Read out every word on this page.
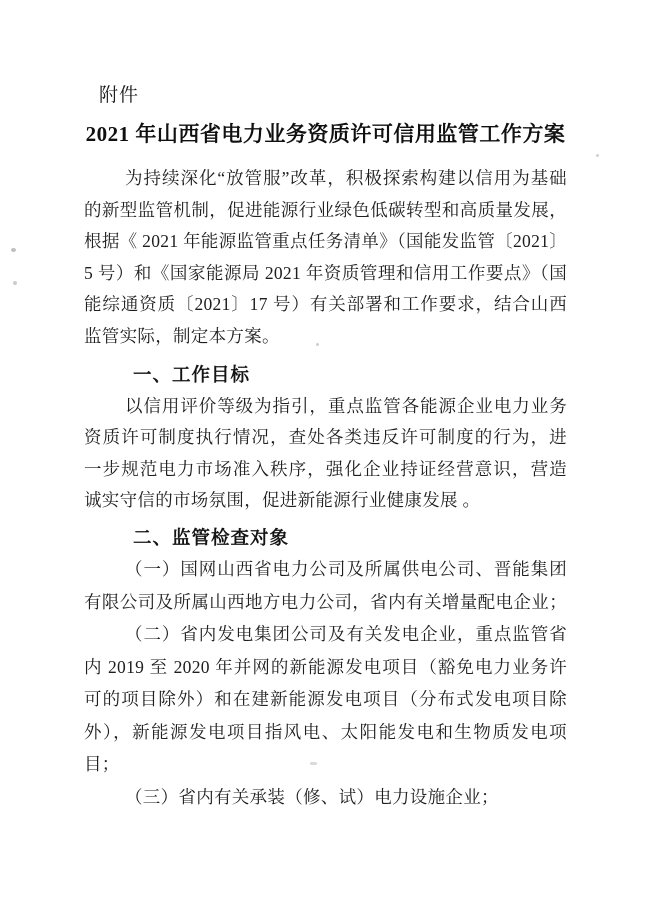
附件
2021 年山西省电力业务资质许可信用监管工作方案
为持续深化“放管服”改革，积极探索构建以信用为基础
的新型监管机制，促进能源行业绿色低碳转型和高质量发展，
根据《 2021 年能源监管重点任务清单》（国能发监管〔2021〕
5 号）和《国家能源局 2021 年资质管理和信用工作要点》（国
能综通资质〔2021〕17 号）有关部署和工作要求，结合山西
监管实际，制定本方案。
一、工作目标
以信用评价等级为指引，重点监管各能源企业电力业务
资质许可制度执行情况，查处各类违反许可制度的行为，进
一步规范电力市场准入秩序，强化企业持证经营意识，营造
诚实守信的市场氛围，促进新能源行业健康发展 。
二、监管检查对象
（一）国网山西省电力公司及所属供电公司、晋能集团
有限公司及所属山西地方电力公司，省内有关增量配电企业；
（二）省内发电集团公司及有关发电企业，重点监管省
内 2019 至 2020 年并网的新能源发电项目（豁免电力业务许
可的项目除外）和在建新能源发电项目（分布式发电项目除
外），新能源发电项目指风电、太阳能发电和生物质发电项
目；
（三）省内有关承装（修、试）电力设施企业；
